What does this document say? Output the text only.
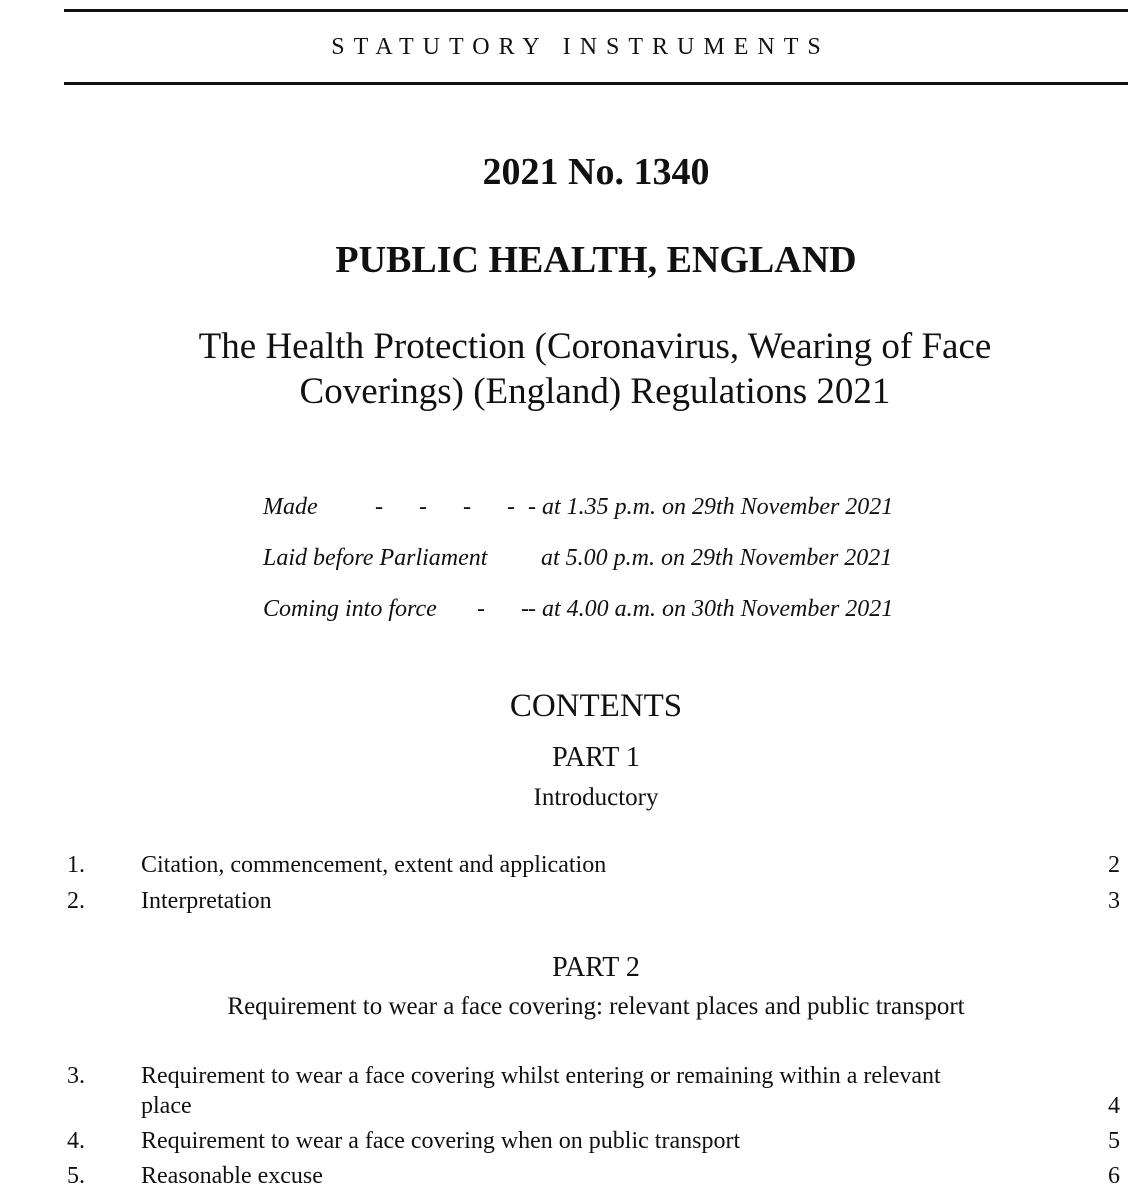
STATUTORY INSTRUMENTS
2021 No. 1340
PUBLIC HEALTH, ENGLAND
The Health Protection (Coronavirus, Wearing of Face
Coverings) (England) Regulations 2021
Made -      -      -      - - at 1.35 p.m. on 29th November 2021
Laid before Parliament at 5.00 p.m. on 29th November 2021
Coming into force -      - - at 4.00 a.m. on 30th November 2021
CONTENTS
PART 1
Introductory
1. Citation, commencement, extent and application	2
2. Interpretation	3
PART 2
Requirement to wear a face covering: relevant places and public transport
3. Requirement to wear a face covering whilst entering or remaining within a relevant
place	4
4. Requirement to wear a face covering when on public transport	5
5. Reasonable excuse	6
